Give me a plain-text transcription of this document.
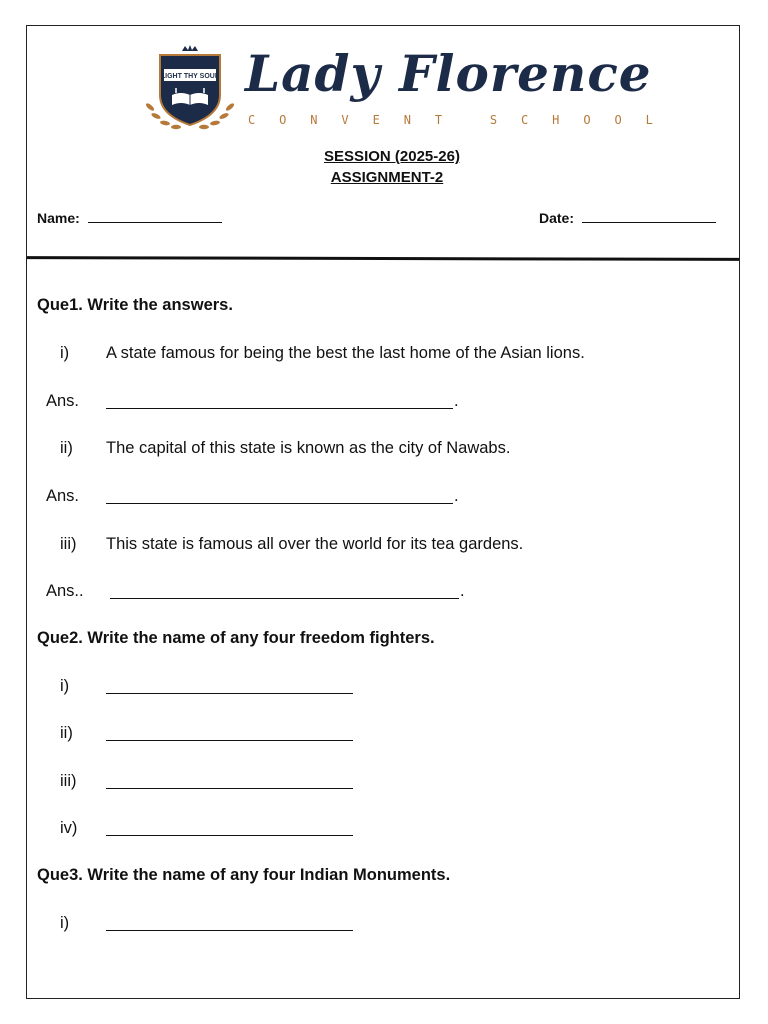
LIGHT THY SOUL Lady Florence
C O N V E N T	S C H O O L
SESSION (2025-26)
ASSIGNMENT-2
Name:	Date:
Que1. Write the answers.
i) A state famous for being the best the last home of the Asian lions.
Ans.	.
ii) The capital of this state is known as the city of Nawabs.
Ans.	.
iii) This state is famous all over the world for its tea gardens.
Ans..	.
Que2. Write the name of any four freedom fighters.
i)
ii)
iii)
iv)
Que3. Write the name of any four Indian Monuments.
i)
